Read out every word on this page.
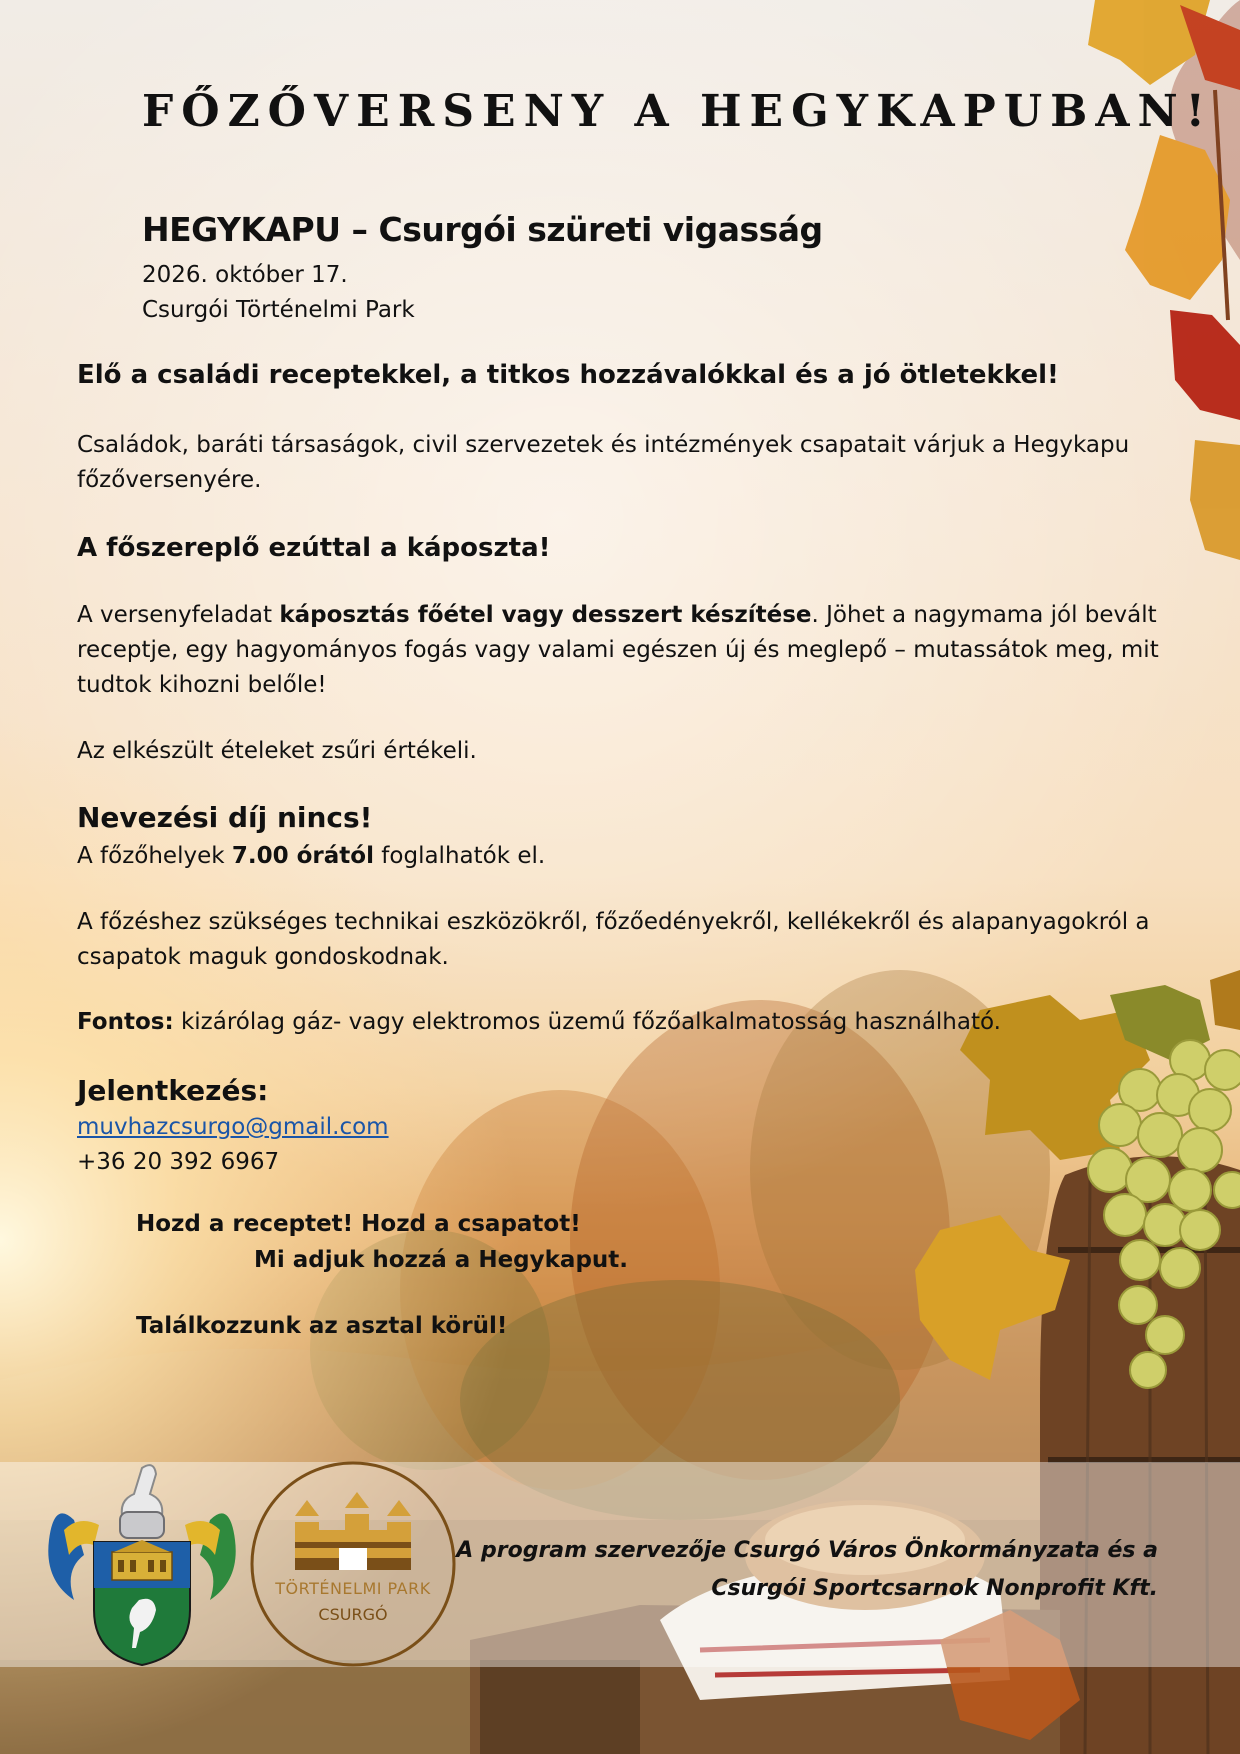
FŐZŐVERSENY A HEGYKAPUBAN!
HEGYKAPU – Csurgói szüreti vigasság
2026. október 17.
Csurgói Történelmi Park
Elő a családi receptekkel, a titkos hozzávalókkal és a jó ötletekkel!
Családok, baráti társaságok, civil szervezetek és intézmények csapatait várjuk a Hegykapu főzőversenyére.
A főszereplő ezúttal a káposzta!
A versenyfeladat káposztás főétel vagy desszert készítése. Jöhet a nagymama jól bevált receptje, egy hagyományos fogás vagy valami egészen új és meglepő – mutassátok meg, mit tudtok kihozni belőle!
Az elkészült ételeket zsűri értékeli.
Nevezési díj nincs!
A főzőhelyek 7.00 órától foglalhatók el.
A főzéshez szükséges technikai eszközökről, főzőedényekről, kellékekről és alapanyagokról a csapatok maguk gondoskodnak.
Fontos: kizárólag gáz- vagy elektromos üzemű főzőalkalmatosság használható.
Jelentkezés:
muvhazcsurgo@gmail.com
+36 20 392 6967
Hozd a receptet! Hozd a csapatot!
Mi adjuk hozzá a Hegykaput.
Találkozzunk az asztal körül!
TÖRTÉNELMI PARK
CSURGÓ
A program szervezője Csurgó Város Önkormányzata és a
Csurgói Sportcsarnok Nonprofit Kft.
